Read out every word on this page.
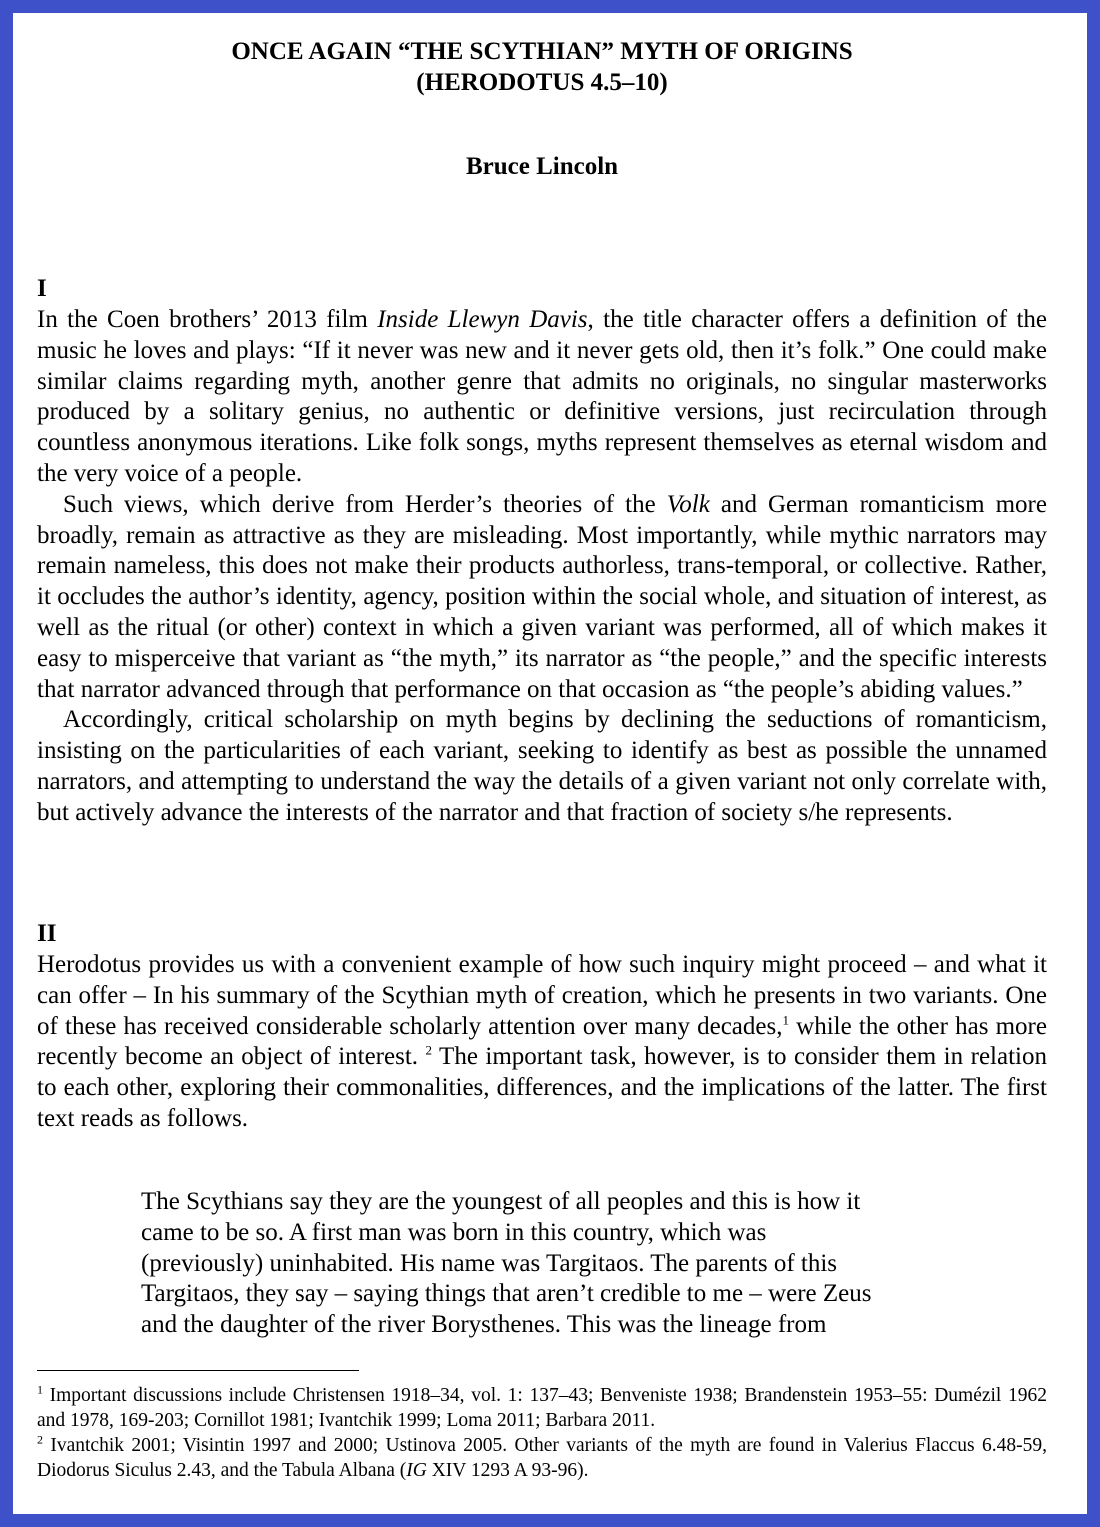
ONCE AGAIN “THE SCYTHIAN” MYTH OF ORIGINS
(HERODOTUS 4.5–10)
Bruce Lincoln
I

In the Coen brothers’ 2013 film Inside Llewyn Davis, the title character offers a definition of the music he loves and plays: “If it never was new and it never gets old, then it’s folk.” One could make similar claims regarding myth, another genre that admits no originals, no singular masterworks produced by a solitary genius, no authentic or definitive versions, just recirculation through countless anonymous iterations. Like folk songs, myths represent themselves as eternal wisdom and the very voice of a people.

Such views, which derive from Herder’s theories of the Volk and German romanticism more broadly, remain as attractive as they are misleading. Most importantly, while mythic narrators may remain nameless, this does not make their products authorless, trans-temporal, or collective. Rather, it occludes the author’s identity, agency, position within the social whole, and situation of interest, as well as the ritual (or other) context in which a given variant was performed, all of which makes it easy to misperceive that variant as “the myth,” its narrator as “the people,” and the specific interests that narrator advanced through that performance on that occasion as “the people’s abiding values.”

Accordingly, critical scholarship on myth begins by declining the seductions of romanticism, insisting on the particularities of each variant, seeking to identify as best as possible the unnamed narrators, and attempting to understand the way the details of a given variant not only correlate with, but actively advance the interests of the narrator and that fraction of society s/he represents.

II

Herodotus provides us with a convenient example of how such inquiry might proceed – and what it can offer – In his summary of the Scythian myth of creation, which he presents in two variants. One of these has received considerable scholarly attention over many decades,$^1$ while the other has more recently become an object of interest. $^2$ The important task, however, is to consider them in relation to each other, exploring their commonalities, differences, and the implications of the latter. The first text reads as follows.

The Scythians say they are the youngest of all peoples and this is how it
came to be so. A first man was born in this country, which was
(previously) uninhabited. His name was Targitaos. The parents of this
Targitaos, they say – saying things that aren’t credible to me – were Zeus
and the daughter of the river Borysthenes. This was the lineage from

$^1$ Important discussions include Christensen 1918–34, vol. 1: 137–43; Benveniste 1938; Brandenstein 1953–55: Dumézil 1962 and 1978, 169-203; Cornillot 1981; Ivantchik 1999; Loma 2011; Barbara 2011.

$^2$ Ivantchik 2001; Visintin 1997 and 2000; Ustinova 2005. Other variants of the myth are found in Valerius Flaccus 6.48-59, Diodorus Siculus 2.43, and the Tabula Albana (IG XIV 1293 A 93-96).
